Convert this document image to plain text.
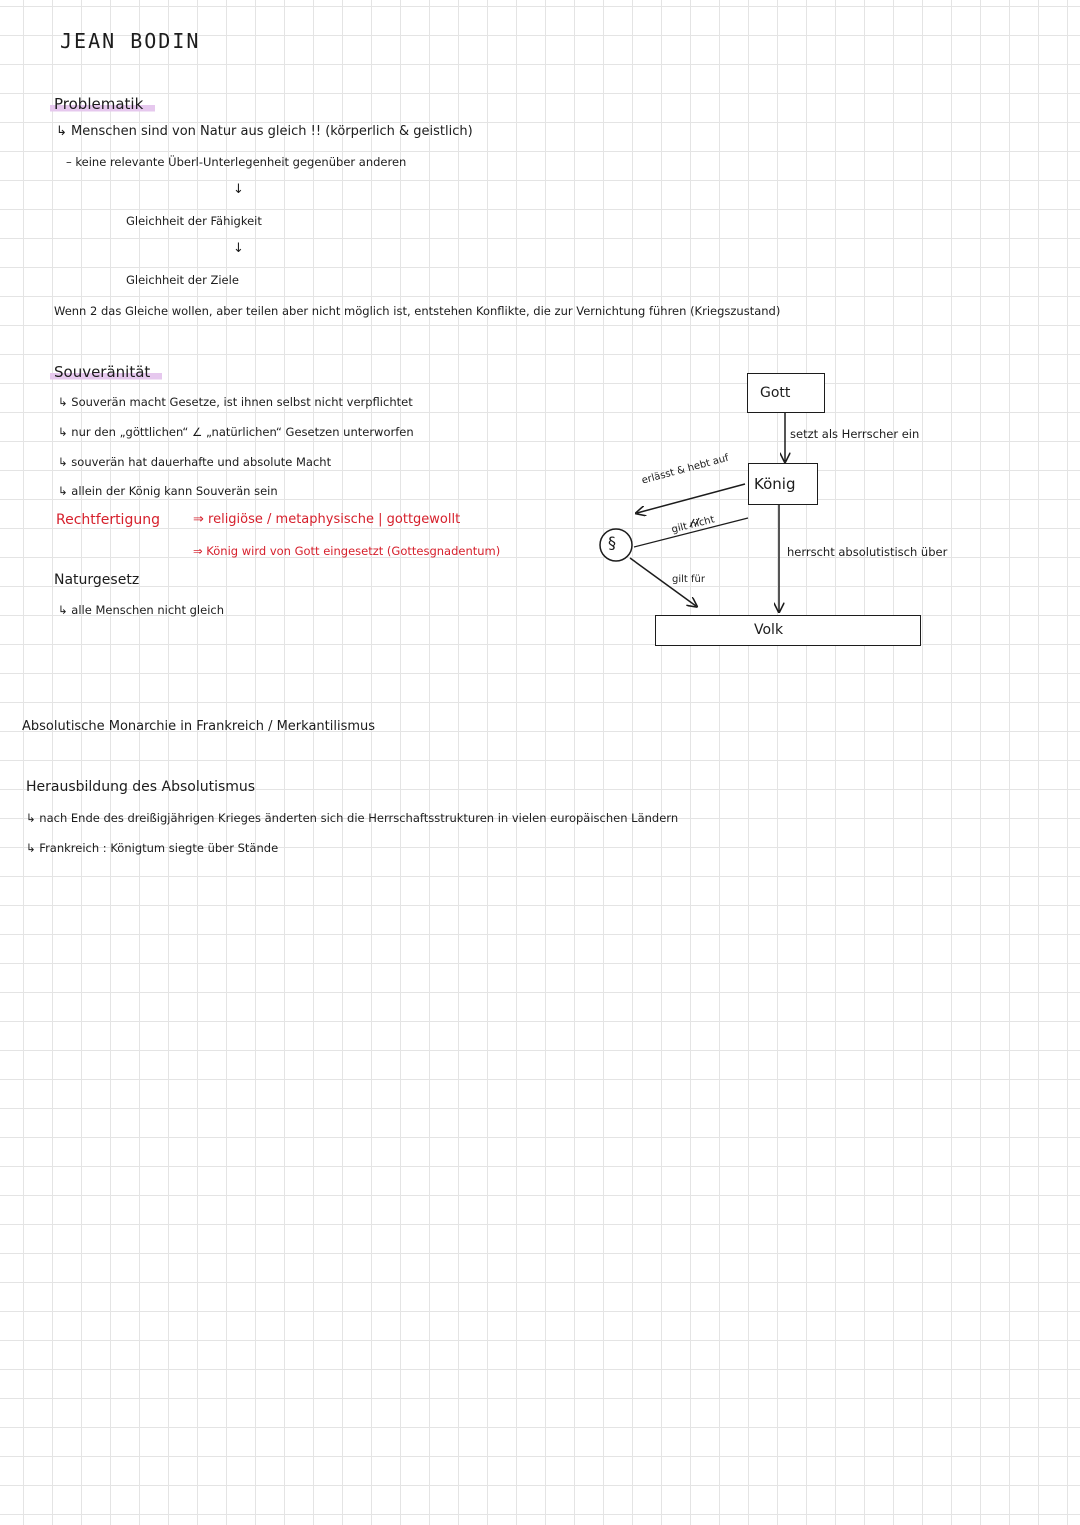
JEAN BODIN
Problematik
↳ Menschen sind von Natur aus gleich !! (körperlich & geistlich)
– keine relevante Überl-Unterlegenheit gegenüber anderen
↓
Gleichheit der Fähigkeit
↓
Gleichheit der Ziele
Wenn 2 das Gleiche wollen, aber teilen aber nicht möglich ist, entstehen Konflikte, die zur Vernichtung führen (Kriegszustand)
Souveränität
↳ Souverän macht Gesetze, ist ihnen selbst nicht verpflichtet
↳ nur den „göttlichen“ ∠ „natürlichen“ Gesetzen unterworfen
↳ souverän hat dauerhafte und absolute Macht
↳ allein der König kann Souverän sein
Rechtfertigung	⇒ religiöse / metaphysische | gottgewollt
⇒ König wird von Gott eingesetzt (Gottesgnadentum)
Naturgesetz
↳ alle Menschen nicht gleich
Gott
König
Volk
§
setzt als Herrscher ein
herrscht absolutistisch über
erlässt & hebt auf
gilt nicht
gilt für
Absolutische Monarchie in Frankreich / Merkantilismus
Herausbildung des Absolutismus
↳ nach Ende des dreißigjährigen Krieges änderten sich die Herrschaftsstrukturen in vielen europäischen Ländern
↳ Frankreich : Königtum siegte über Stände
